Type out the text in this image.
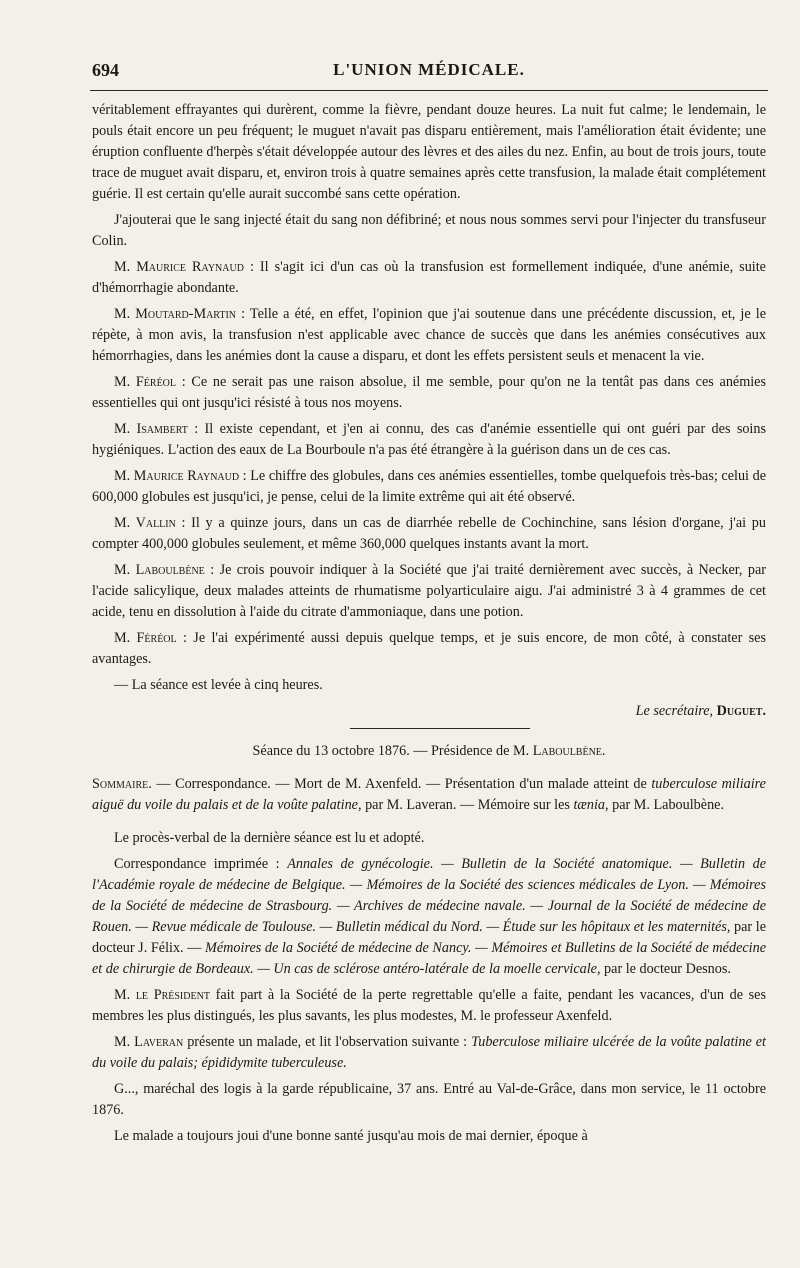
694	L'UNION MÉDICALE.

véritablement effrayantes qui durèrent, comme la fièvre, pendant douze heures. La nuit fut calme; le lendemain, le pouls était encore un peu fréquent; le muguet n'avait pas disparu entièrement, mais l'amélioration était évidente; une éruption confluente d'herpès s'était développée autour des lèvres et des ailes du nez. Enfin, au bout de trois jours, toute trace de muguet avait disparu, et, environ trois à quatre semaines après cette transfusion, la malade était complétement guérie. Il est certain qu'elle aurait succombé sans cette opération.

J'ajouterai que le sang injecté était du sang non défibriné; et nous nous sommes servi pour l'injecter du transfuseur Colin.

M. Maurice Raynaud : Il s'agit ici d'un cas où la transfusion est formellement indiquée, d'une anémie, suite d'hémorrhagie abondante.

M. Moutard-Martin : Telle a été, en effet, l'opinion que j'ai soutenue dans une précédente discussion, et, je le répète, à mon avis, la transfusion n'est applicable avec chance de succès que dans les anémies consécutives aux hémorrhagies, dans les anémies dont la cause a disparu, et dont les effets persistent seuls et menacent la vie.

M. Féréol : Ce ne serait pas une raison absolue, il me semble, pour qu'on ne la tentât pas dans ces anémies essentielles qui ont jusqu'ici résisté à tous nos moyens.

M. Isambert : Il existe cependant, et j'en ai connu, des cas d'anémie essentielle qui ont guéri par des soins hygiéniques. L'action des eaux de La Bourboule n'a pas été étrangère à la guérison dans un de ces cas.

M. Maurice Raynaud : Le chiffre des globules, dans ces anémies essentielles, tombe quelquefois très-bas; celui de 600,000 globules est jusqu'ici, je pense, celui de la limite extrême qui ait été observé.

M. Vallin : Il y a quinze jours, dans un cas de diarrhée rebelle de Cochinchine, sans lésion d'organe, j'ai pu compter 400,000 globules seulement, et même 360,000 quelques instants avant la mort.

M. Laboulbène : Je crois pouvoir indiquer à la Société que j'ai traité dernièrement avec succès, à Necker, par l'acide salicylique, deux malades atteints de rhumatisme polyarticulaire aigu. J'ai administré 3 à 4 grammes de cet acide, tenu en dissolution à l'aide du citrate d'ammoniaque, dans une potion.

M. Féréol : Je l'ai expérimenté aussi depuis quelque temps, et je suis encore, de mon côté, à constater ses avantages.

— La séance est levée à cinq heures.

Le secrétaire, Duguet.
Séance du 13 octobre 1876. — Présidence de M. Laboulbène.

Sommaire. — Correspondance. — Mort de M. Axenfeld. — Présentation d'un malade atteint de tuberculose miliaire aiguë du voile du palais et de la voûte palatine, par M. Laveran. — Mémoire sur les tænia, par M. Laboulbène.

Le procès-verbal de la dernière séance est lu et adopté.

Correspondance imprimée : Annales de gynécologie. — Bulletin de la Société anatomique. — Bulletin de l'Académie royale de médecine de Belgique. — Mémoires de la Société des sciences médicales de Lyon. — Mémoires de la Société de médecine de Strasbourg. — Archives de médecine navale. — Journal de la Société de médecine de Rouen. — Revue médicale de Toulouse. — Bulletin médical du Nord. — Étude sur les hôpitaux et les maternités, par le docteur J. Félix. — Mémoires de la Société de médecine de Nancy. — Mémoires et Bulletins de la Société de médecine et de chirurgie de Bordeaux. — Un cas de sclérose antéro-latérale de la moelle cervicale, par le docteur Desnos.

M. le Président fait part à la Société de la perte regrettable qu'elle a faite, pendant les vacances, d'un de ses membres les plus distingués, les plus savants, les plus modestes, M. le professeur Axenfeld.

M. Laveran présente un malade, et lit l'observation suivante : Tuberculose miliaire ulcérée de la voûte palatine et du voile du palais; épididymite tuberculeuse.

G..., maréchal des logis à la garde républicaine, 37 ans. Entré au Val-de-Grâce, dans mon service, le 11 octobre 1876.

Le malade a toujours joui d'une bonne santé jusqu'au mois de mai dernier, époque à
